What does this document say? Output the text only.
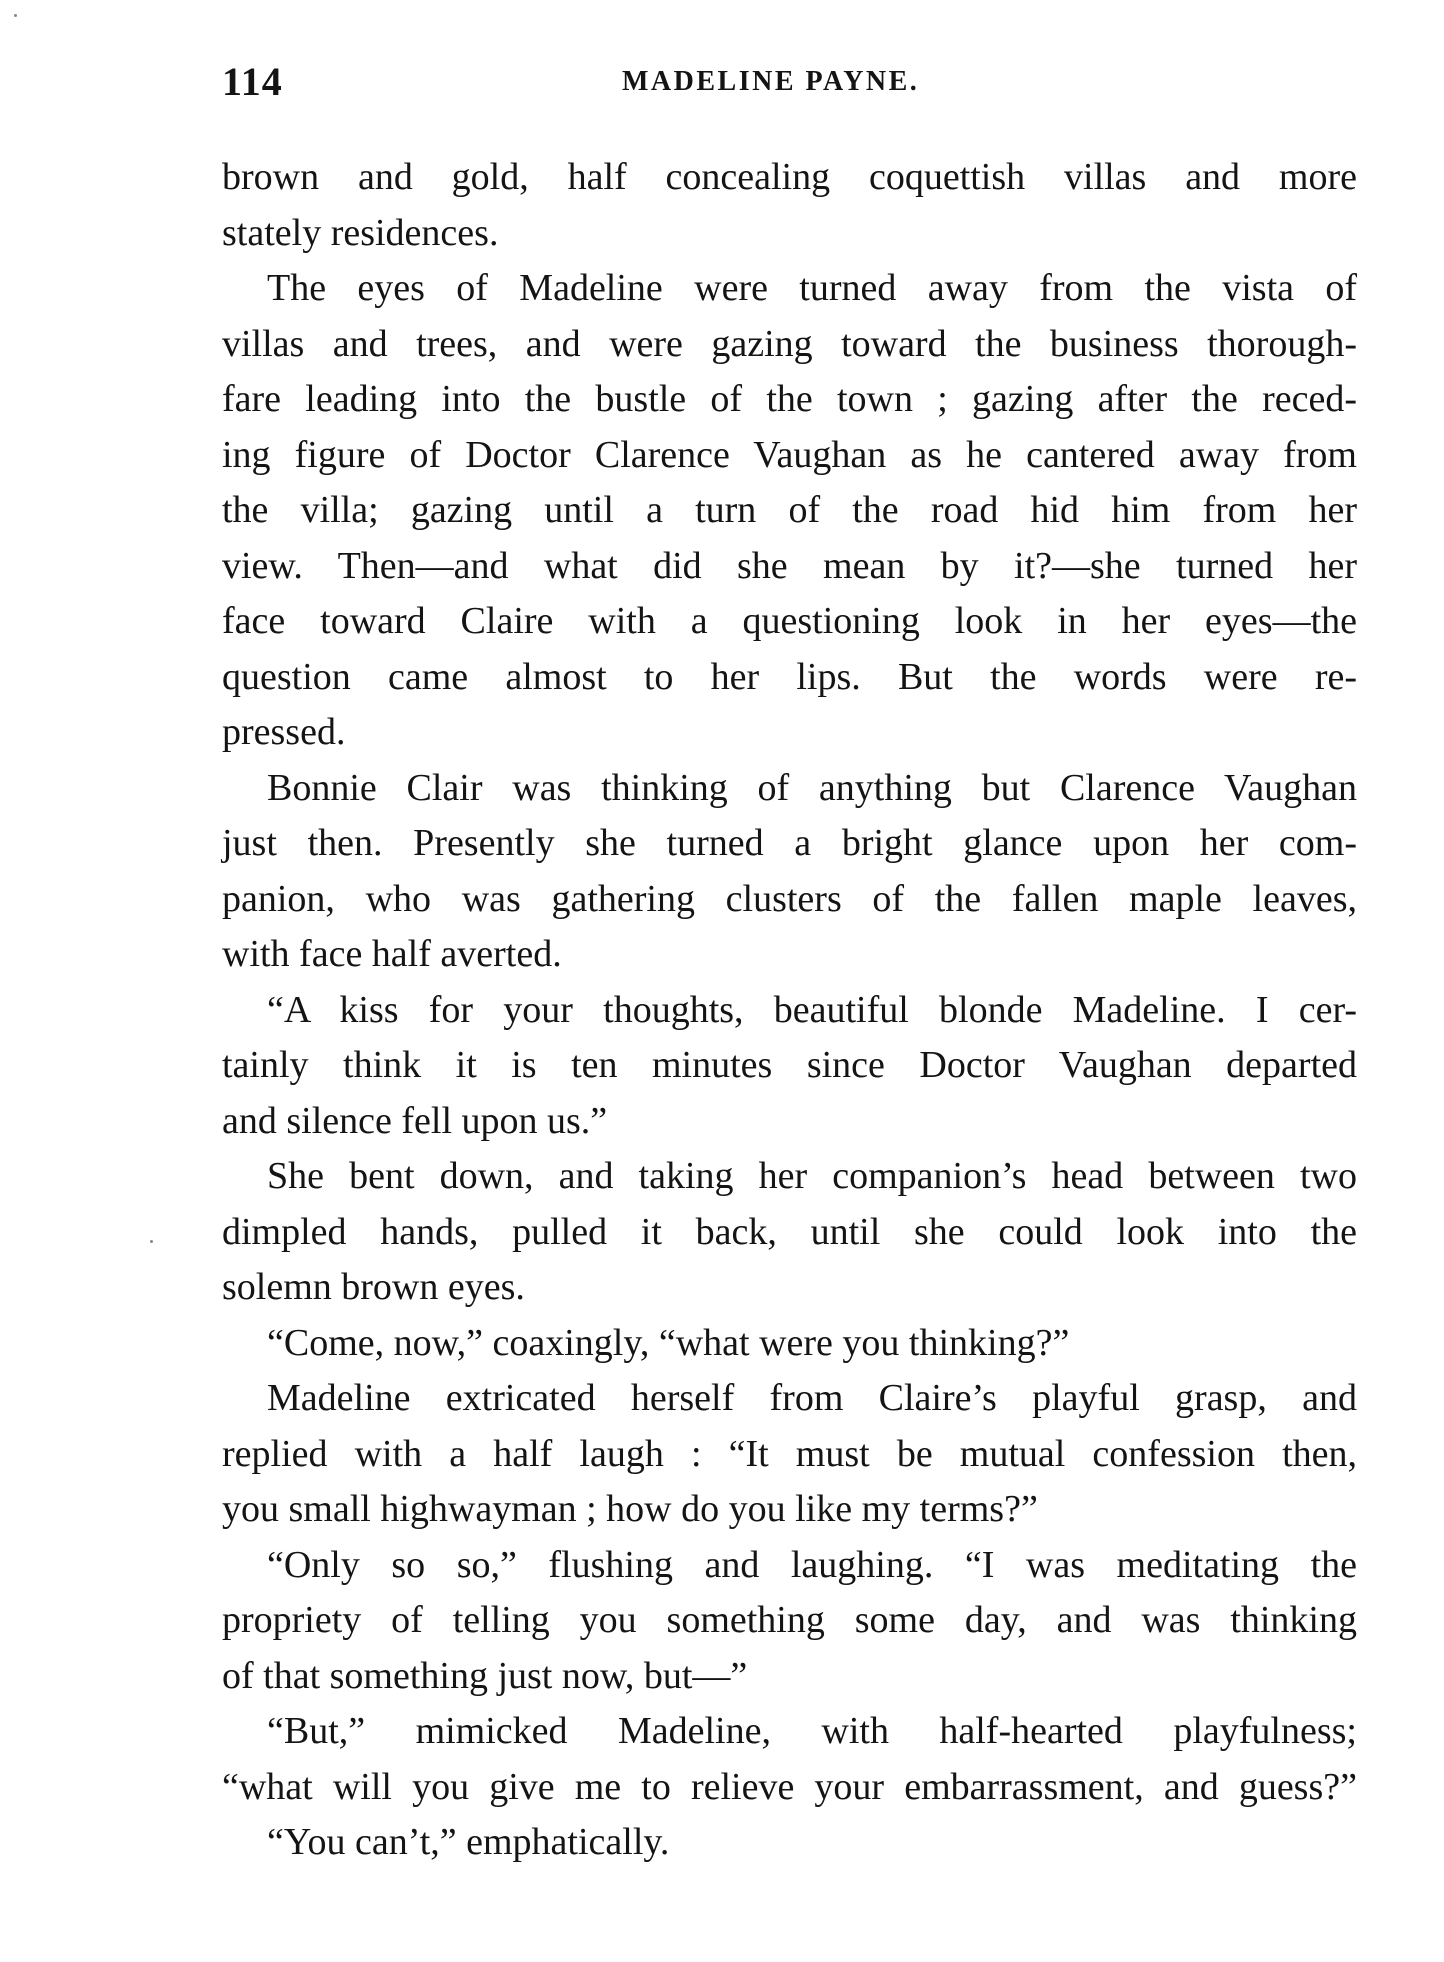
114	MADELINE PAYNE.
brown and gold, half concealing coquettish villas and more
stately residences.
The eyes of Madeline were turned away from the vista of
villas and trees, and were gazing toward the business thorough-
fare leading into the bustle of the town ; gazing after the reced-
ing figure of Doctor Clarence Vaughan as he cantered away from
the villa; gazing until a turn of the road hid him from her
view. Then—and what did she mean by it?—she turned her
face toward Claire with a questioning look in her eyes—the
question came almost to her lips. But the words were re-
pressed.
Bonnie Clair was thinking of anything but Clarence Vaughan
just then. Presently she turned a bright glance upon her com-
panion, who was gathering clusters of the fallen maple leaves,
with face half averted.
“A kiss for your thoughts, beautiful blonde Madeline. I cer-
tainly think it is ten minutes since Doctor Vaughan departed
and silence fell upon us.”
She bent down, and taking her companion’s head between two
dimpled hands, pulled it back, until she could look into the
solemn brown eyes.
“Come, now,” coaxingly, “what were you thinking?”
Madeline extricated herself from Claire’s playful grasp, and
replied with a half laugh : “It must be mutual confession then,
you small highwayman ; how do you like my terms?”
“Only so so,” flushing and laughing. “I was meditating the
propriety of telling you something some day, and was thinking
of that something just now, but—”
“But,” mimicked Madeline, with half-hearted playfulness;
“what will you give me to relieve your embarrassment, and guess?”
“You can’t,” emphatically.
